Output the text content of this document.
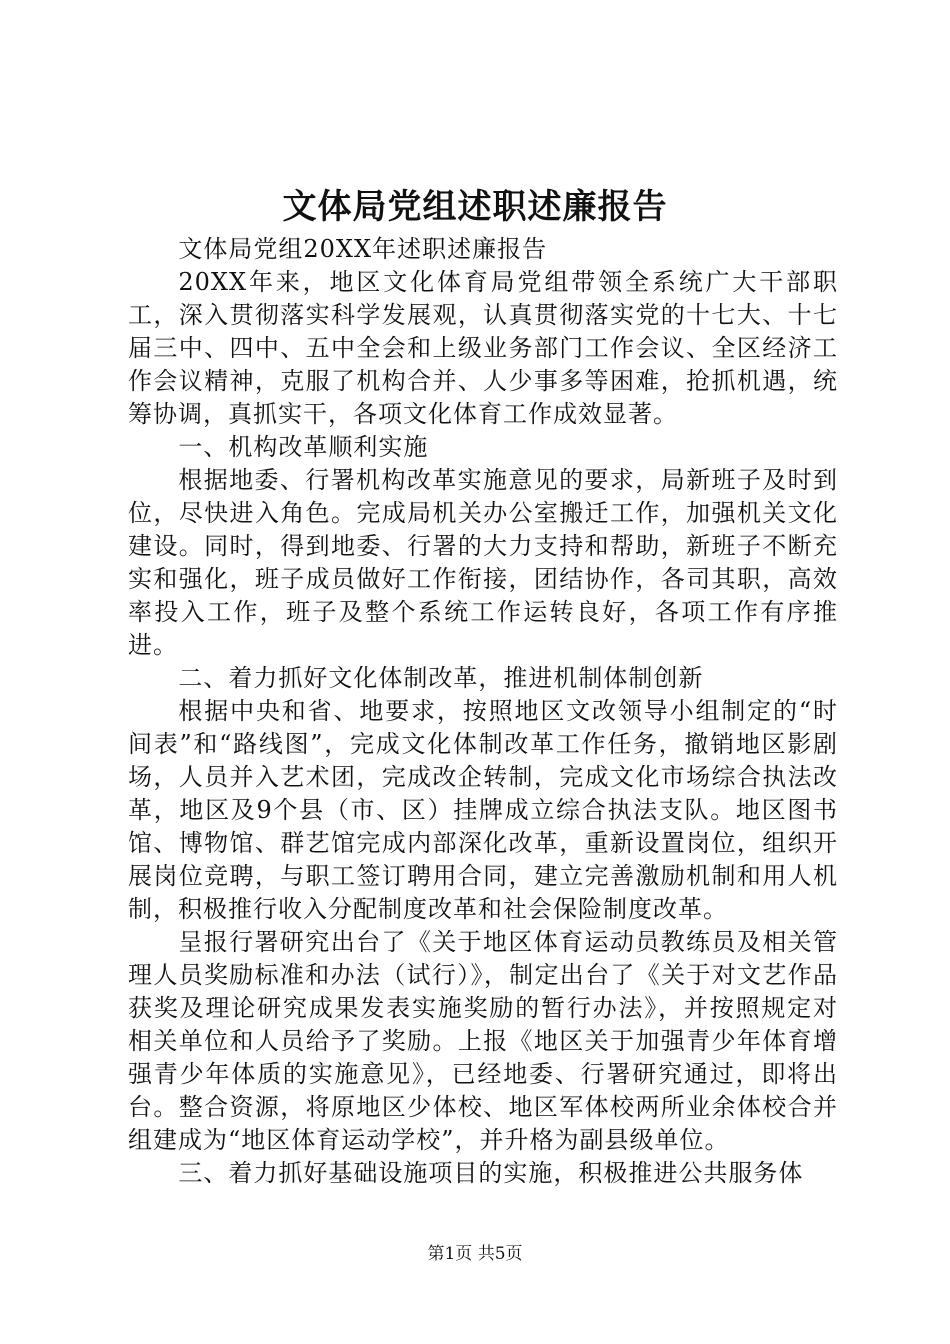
文体局党组述职述廉报告

文体局党组20XX年述职述廉报告

20XX年来，地区文化体育局党组带领全系统广大干部职工，深入贯彻落实科学发展观，认真贯彻落实党的十七大、十七届三中、四中、五中全会和上级业务部门工作会议、全区经济工作会议精神，克服了机构合并、人少事多等困难，抢抓机遇，统筹协调，真抓实干，各项文化体育工作成效显著。

一、机构改革顺利实施

根据地委、行署机构改革实施意见的要求，局新班子及时到位，尽快进入角色。完成局机关办公室搬迁工作，加强机关文化建设。同时，得到地委、行署的大力支持和帮助，新班子不断充实和强化，班子成员做好工作衔接，团结协作，各司其职，高效率投入工作，班子及整个系统工作运转良好，各项工作有序推进。

二、着力抓好文化体制改革，推进机制体制创新

根据中央和省、地要求，按照地区文改领导小组制定的“时间表”和“路线图”，完成文化体制改革工作任务，撤销地区影剧场，人员并入艺术团，完成改企转制，完成文化市场综合执法改革，地区及9个县（市、区）挂牌成立综合执法支队。地区图书馆、博物馆、群艺馆完成内部深化改革，重新设置岗位，组织开展岗位竞聘，与职工签订聘用合同，建立完善激励机制和用人机制，积极推行收入分配制度改革和社会保险制度改革。

呈报行署研究出台了《关于地区体育运动员教练员及相关管理人员奖励标准和办法（试行）》，制定出台了《关于对文艺作品获奖及理论研究成果发表实施奖励的暂行办法》，并按照规定对相关单位和人员给予了奖励。上报《地区关于加强青少年体育增强青少年体质的实施意见》，已经地委、行署研究通过，即将出台。整合资源，将原地区少体校、地区军体校两所业余体校合并组建成为“地区体育运动学校”，并升格为副县级单位。

三、着力抓好基础设施项目的实施，积极推进公共服务体

第1页 共5页
